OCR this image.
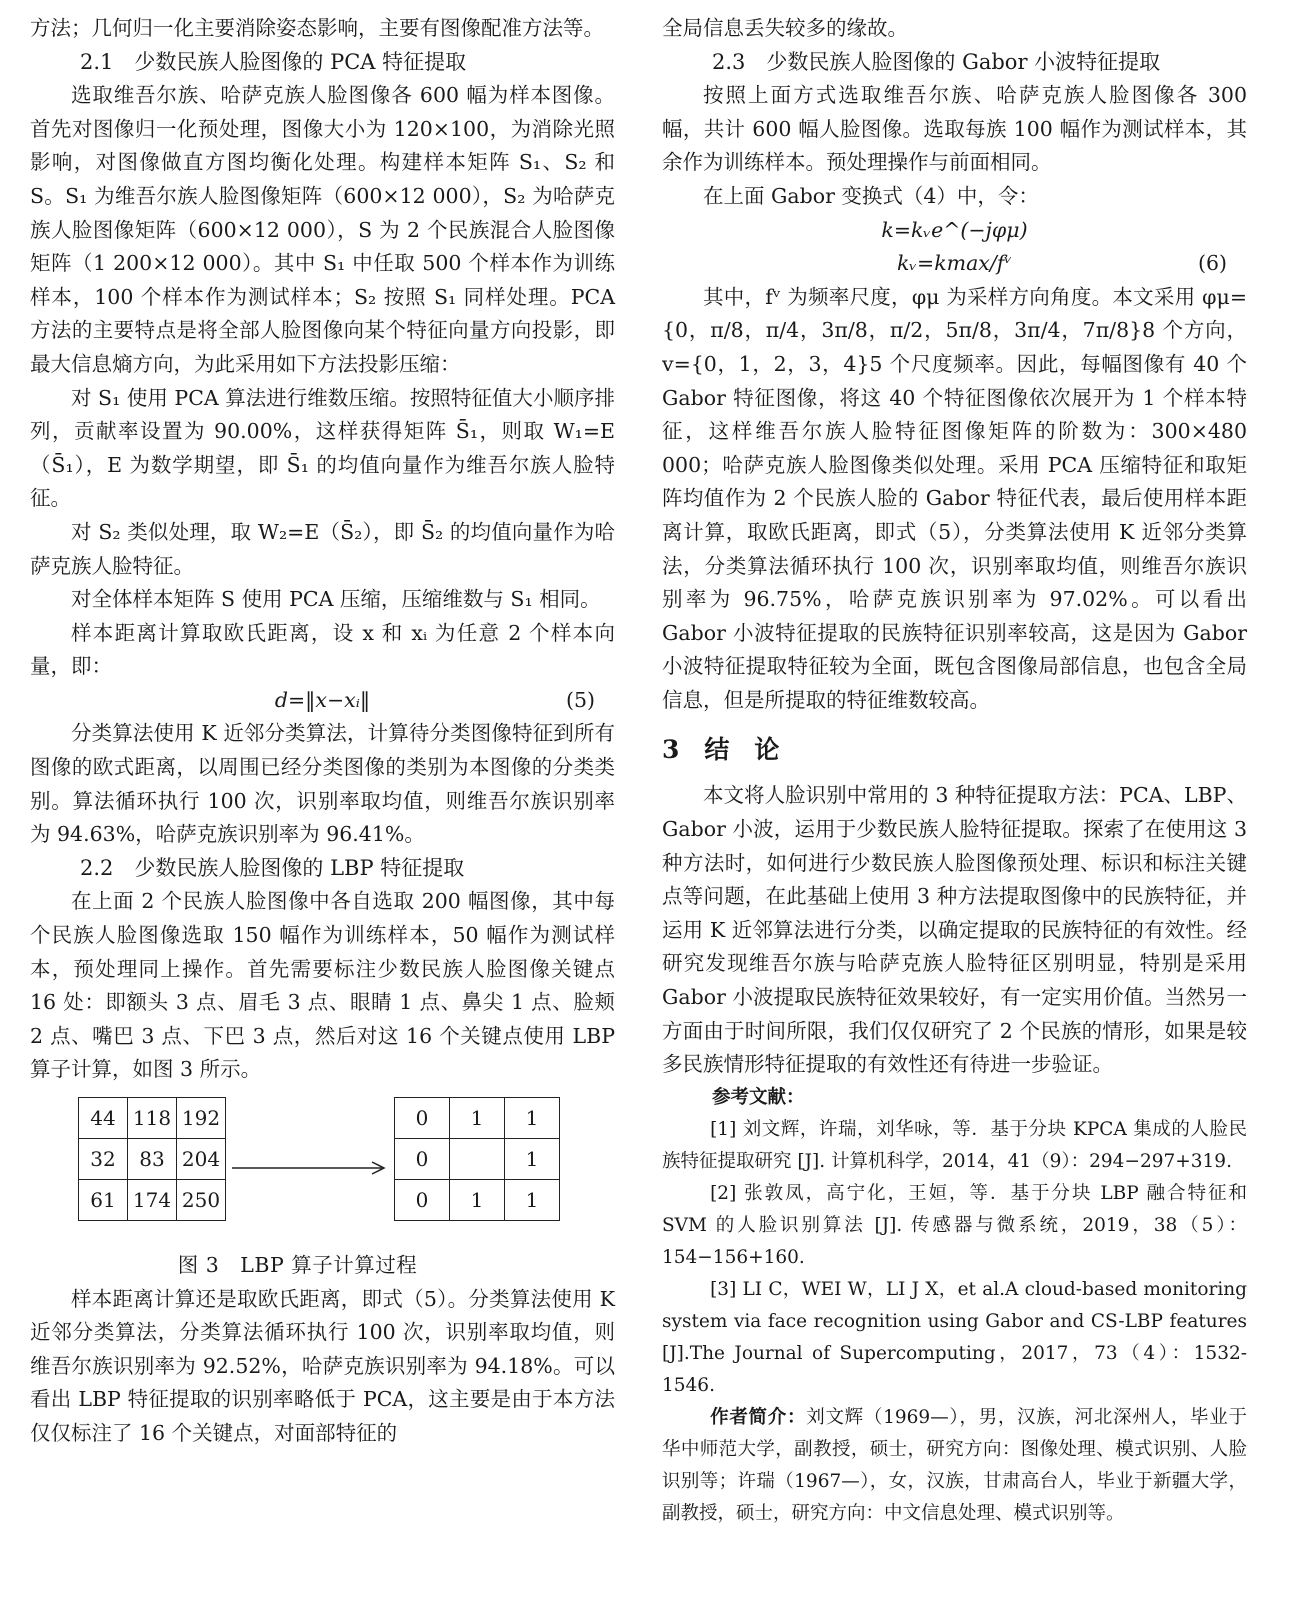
方法；几何归一化主要消除姿态影响，主要有图像配准方法等。

2.1　少数民族人脸图像的 PCA 特征提取

选取维吾尔族、哈萨克族人脸图像各 600 幅为样本图像。首先对图像归一化预处理，图像大小为 120×100，为消除光照影响，对图像做直方图均衡化处理。构建样本矩阵 S₁、S₂ 和 S。S₁ 为维吾尔族人脸图像矩阵（600×12 000），S₂ 为哈萨克族人脸图像矩阵（600×12 000），S 为 2 个民族混合人脸图像矩阵（1 200×12 000）。其中 S₁ 中任取 500 个样本作为训练样本，100 个样本作为测试样本；S₂ 按照 S₁ 同样处理。PCA 方法的主要特点是将全部人脸图像向某个特征向量方向投影，即最大信息熵方向，为此采用如下方法投影压缩：

对 S₁ 使用 PCA 算法进行维数压缩。按照特征值大小顺序排列，贡献率设置为 90.00%，这样获得矩阵 S̄₁，则取 W₁=E（S̄₁），E 为数学期望，即 S̄₁ 的均值向量作为维吾尔族人脸特征。

对 S₂ 类似处理，取 W₂=E（S̄₂），即 S̄₂ 的均值向量作为哈萨克族人脸特征。

对全体样本矩阵 S 使用 PCA 压缩，压缩维数与 S₁ 相同。

样本距离计算取欧氏距离，设 x 和 xᵢ 为任意 2 个样本向量，即：

d=‖x−xᵢ‖	(5)

分类算法使用 K 近邻分类算法，计算待分类图像特征到所有图像的欧式距离，以周围已经分类图像的类别为本图像的分类类别。算法循环执行 100 次，识别率取均值，则维吾尔族识别率为 94.63%，哈萨克族识别率为 96.41%。

2.2　少数民族人脸图像的 LBP 特征提取

在上面 2 个民族人脸图像中各自选取 200 幅图像，其中每个民族人脸图像选取 150 幅作为训练样本，50 幅作为测试样本，预处理同上操作。首先需要标注少数民族人脸图像关键点 16 处：即额头 3 点、眉毛 3 点、眼睛 1 点、鼻尖 1 点、脸颊 2 点、嘴巴 3 点、下巴 3 点，然后对这 16 个关键点使用 LBP 算子计算，如图 3 所示。

44	118	192
32	83	204
61	174	250
0	1	1
0		1
0	1	1

图 3　LBP 算子计算过程

样本距离计算还是取欧氏距离，即式（5）。分类算法使用 K 近邻分类算法，分类算法循环执行 100 次，识别率取均值，则维吾尔族识别率为 92.52%，哈萨克族识别率为 94.18%。可以看出 LBP 特征提取的识别率略低于 PCA，这主要是由于本方法仅仅标注了 16 个关键点，对面部特征的

全局信息丢失较多的缘故。

2.3　少数民族人脸图像的 Gabor 小波特征提取

按照上面方式选取维吾尔族、哈萨克族人脸图像各 300 幅，共计 600 幅人脸图像。选取每族 100 幅作为测试样本，其余作为训练样本。预处理操作与前面相同。

在上面 Gabor 变换式（4）中，令：

k=kᵥe^(−jφμ)
kᵥ=kmax/fᵛ	(6)

其中，fᵛ 为频率尺度，φμ 为采样方向角度。本文采用 φμ={0，π/8，π/4，3π/8，π/2，5π/8，3π/4，7π/8}8 个方向，v={0，1，2，3，4}5 个尺度频率。因此，每幅图像有 40 个 Gabor 特征图像，将这 40 个特征图像依次展开为 1 个样本特征，这样维吾尔族人脸特征图像矩阵的阶数为：300×480 000；哈萨克族人脸图像类似处理。采用 PCA 压缩特征和取矩阵均值作为 2 个民族人脸的 Gabor 特征代表，最后使用样本距离计算，取欧氏距离，即式（5），分类算法使用 K 近邻分类算法，分类算法循环执行 100 次，识别率取均值，则维吾尔族识别率为 96.75%，哈萨克族识别率为 97.02%。可以看出 Gabor 小波特征提取的民族特征识别率较高，这是因为 Gabor 小波特征提取特征较为全面，既包含图像局部信息，也包含全局信息，但是所提取的特征维数较高。

3　结　论

本文将人脸识别中常用的 3 种特征提取方法：PCA、LBP、Gabor 小波，运用于少数民族人脸特征提取。探索了在使用这 3 种方法时，如何进行少数民族人脸图像预处理、标识和标注关键点等问题，在此基础上使用 3 种方法提取图像中的民族特征，并运用 K 近邻算法进行分类，以确定提取的民族特征的有效性。经研究发现维吾尔族与哈萨克族人脸特征区别明显，特别是采用 Gabor 小波提取民族特征效果较好，有一定实用价值。当然另一方面由于时间所限，我们仅仅研究了 2 个民族的情形，如果是较多民族情形特征提取的有效性还有待进一步验证。

参考文献：

[1] 刘文辉，许瑞，刘华咏，等．基于分块 KPCA 集成的人脸民族特征提取研究 [J]. 计算机科学，2014，41（9）：294−297+319.

[2] 张敦凤，高宁化，王姮，等．基于分块 LBP 融合特征和 SVM 的人脸识别算法 [J]. 传感器与微系统，2019，38（5）：154−156+160.

[3] LI C，WEI W，LI J X，et al.A cloud-based monitoring system via face recognition using Gabor and CS-LBP features [J].The Journal of Supercomputing，2017，73（4）：1532-1546.

作者简介：刘文辉（1969—），男，汉族，河北深州人，毕业于华中师范大学，副教授，硕士，研究方向：图像处理、模式识别、人脸识别等；许瑞（1967—），女，汉族，甘肃高台人，毕业于新疆大学，副教授，硕士，研究方向：中文信息处理、模式识别等。
